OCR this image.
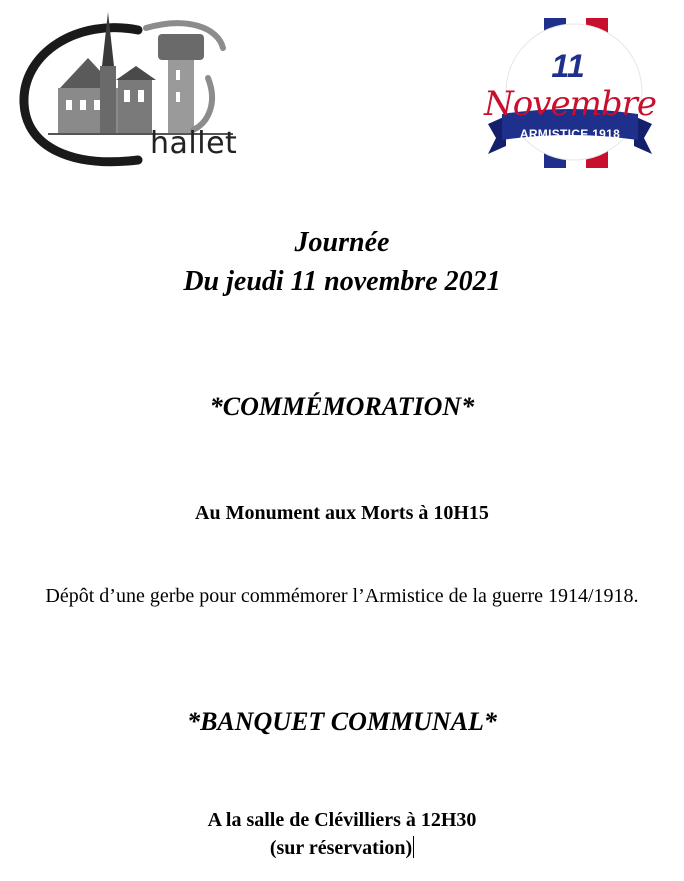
hallet
11
Novembre
ARMISTICE 1918

Journée

Du jeudi 11 novembre 2021

*COMMÉMORATION*

Au Monument aux Morts à 10H15

Dépôt d’une gerbe pour commémorer l’Armistice de la guerre 1914/1918.

*BANQUET COMMUNAL*

A la salle de Clévilliers à 12H30

(sur réservation)
